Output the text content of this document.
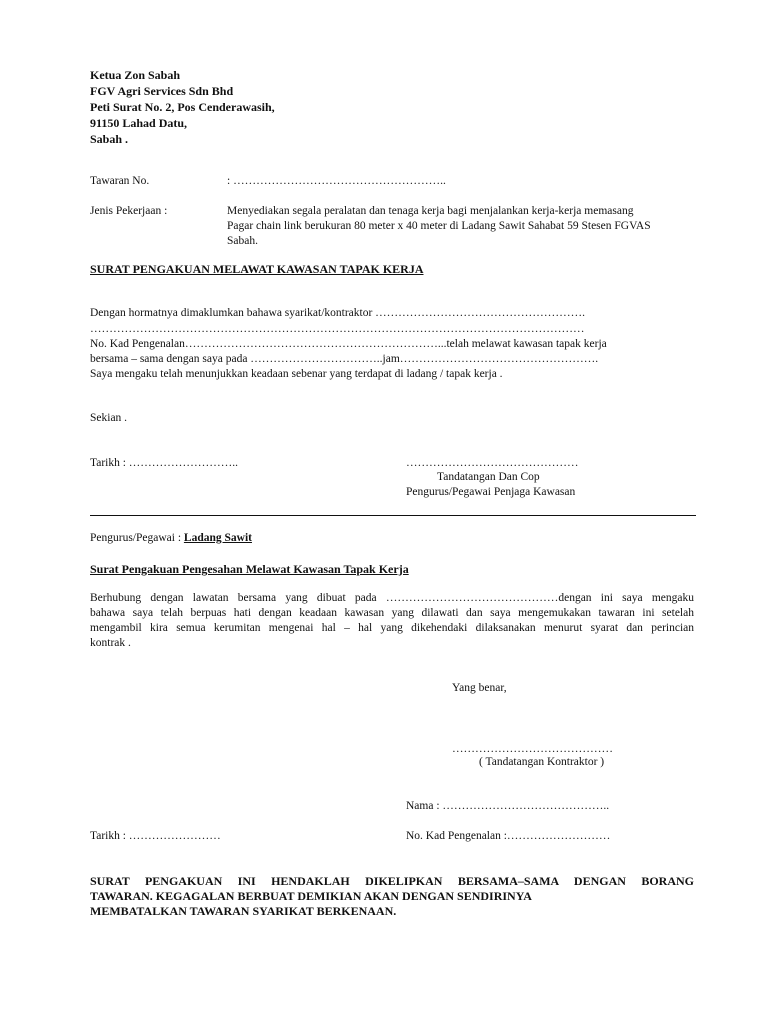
Ketua Zon Sabah
FGV Agri Services Sdn Bhd
Peti Surat No. 2, Pos Cenderawasih,
91150 Lahad Datu,
Sabah .
Tawaran No.	: ………………………………………………..
Jenis Pekerjaan :	Menyediakan segala peralatan dan tenaga kerja bagi menjalankan kerja-kerja memasang
Pagar chain link berukuran 80 meter x 40 meter di Ladang Sawit Sahabat 59 Stesen FGVAS
Sabah.
SURAT PENGAKUAN MELAWAT KAWASAN TAPAK KERJA
Dengan hormatnya dimaklumkan bahawa syarikat/kontraktor ……………………………………………….
…………………………………………………………………………………………………………………
No. Kad Pengenalan…………………………………………………………...telah melawat kawasan tapak kerja
bersama – sama dengan saya pada ……………………………..jam…………………………………………….
Saya mengaku telah menunjukkan keadaan sebenar yang terdapat di ladang / tapak kerja .
Sekian .
Tarikh : ………………………..	………………………………………
Tandatangan Dan Cop
Pengurus/Pegawai Penjaga Kawasan
Pengurus/Pegawai : Ladang Sawit
Surat Pengakuan Pengesahan Melawat Kawasan Tapak Kerja
Berhubung dengan lawatan bersama yang dibuat pada ………………………………………dengan ini saya mengaku
bahawa saya telah berpuas hati dengan keadaan kawasan yang dilawati dan saya mengemukakan tawaran ini setelah
mengambil kira semua kerumitan mengenai hal – hal yang dikehendaki dilaksanakan menurut syarat dan perincian
kontrak .
Yang benar,
……………………………………
( Tandatangan Kontraktor )
Nama : ……………………………………..
Tarikh : ……………………	No. Kad Pengenalan :………………………
SURAT PENGAKUAN INI HENDAKLAH DIKELIPKAN BERSAMA–SAMA DENGAN BORANG
TAWARAN. KEGAGALAN BERBUAT DEMIKIAN AKAN DENGAN SENDIRINYA
MEMBATALKAN TAWARAN SYARIKAT BERKENAAN.
